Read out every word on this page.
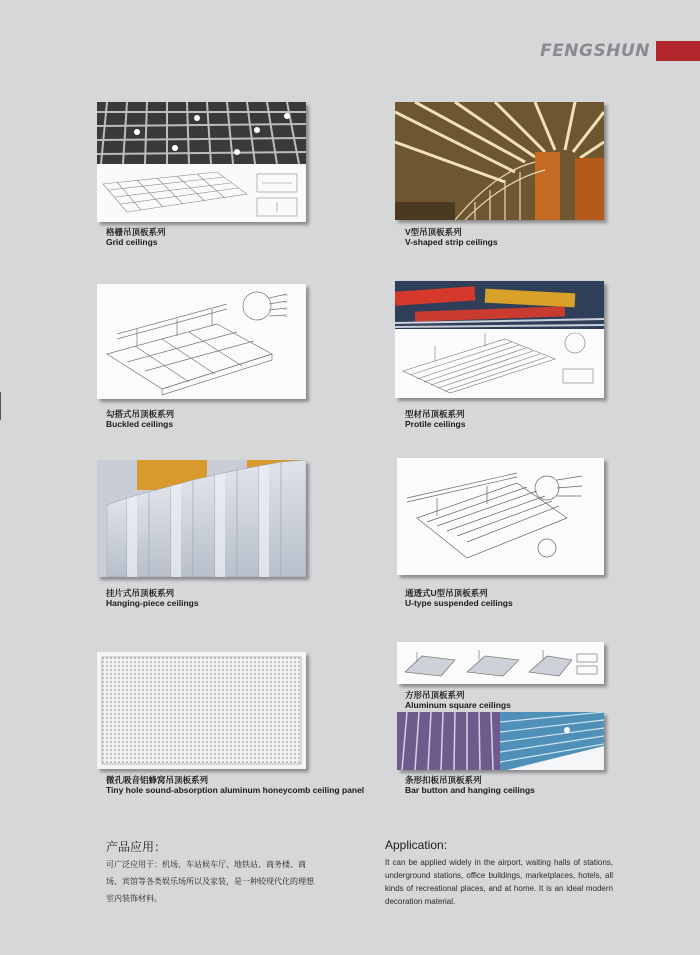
FENGSHUN
格栅吊顶板系列
Grid ceilings
V型吊顶板系列
V-shaped strip ceilings
——
——
——
——
勾搭式吊顶板系列
Buckled ceilings
型材吊顶板系列
Protile ceilings
挂片式吊顶板系列
Hanging-piece ceilings
通透式U型吊顶板系列
U-type suspended ceilings
微孔吸音铝蜂窝吊顶板系列
Tiny hole sound-absorption aluminum honeycomb ceiling panel
方形吊顶板系列
Aluminum square ceilings
条形扣板吊顶板系列
Bar button and hanging ceilings
产品应用：
可广泛应用于：机场、车站候车厅、地铁站、商务楼、商场、宾馆等各类娱乐场所以及家装，是一种较现代化的理想室内装饰材料。
Application:
It can be applied widely in the airport, waiting halls of stations, underground stations, office buildings, marketplaces, hotels, all kinds of recreational places, and at home. It is an ideal modern decoration material.
